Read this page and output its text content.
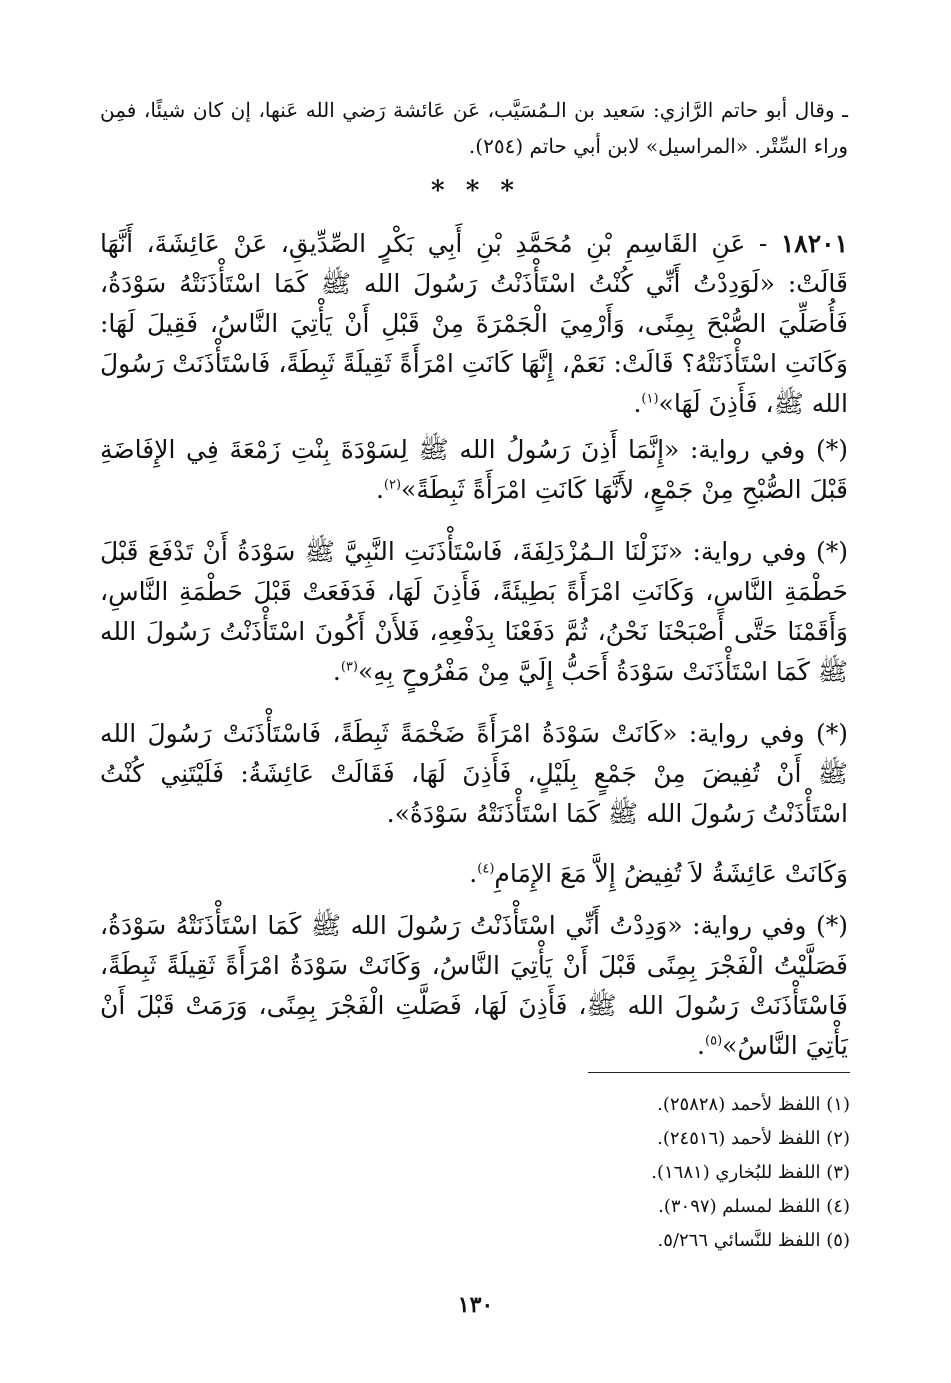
ـ وقال أبو حاتم الرَّازي: سَعيد بن الـمُسَيَّب، عَن عَائشة رَضي الله عَنها، إن كان شيئًا، فمِن وراء السِّتْر. «المراسيل» لابن أبي حاتم (٢٥٤).

* * *

١٨٢٠١ - عَنِ القَاسِمِ بْنِ مُحَمَّدِ بْنِ أَبِي بَكْرٍ الصِّدِّيقِ، عَنْ عَائِشَةَ، أَنَّهَا قَالَتْ: «لَوَدِدْتُ أَنِّي كُنْتُ اسْتَأْذَنْتُ رَسُولَ الله ﷺ كَمَا اسْتَأْذَنَتْهُ سَوْدَةُ، فَأُصَلِّيَ الصُّبْحَ بِمِنًى، وَأَرْمِيَ الْجَمْرَةَ مِنْ قَبْلِ أَنْ يَأْتِيَ النَّاسُ، فَقِيلَ لَهَا: وَكَانَتِ اسْتَأْذَنَتْهُ؟ قَالَتْ: نَعَمْ، إِنَّهَا كَانَتِ امْرَأَةً ثَقِيلَةً ثَبِطَةً، فَاسْتَأْذَنَتْ رَسُولَ الله ﷺ، فَأَذِنَ لَهَا»$^{(١)}$.

(*) وفي رواية: «إِنَّمَا أَذِنَ رَسُولُ الله ﷺ لِسَوْدَةَ بِنْتِ زَمْعَةَ فِي الإِفَاضَةِ قَبْلَ الصُّبْحِ مِنْ جَمْعٍ، لأَنَّهَا كَانَتِ امْرَأَةً ثَبِطَةً»$^{(٢)}$.

(*) وفي رواية: «نَزَلْنَا الـمُزْدَلِفَةَ، فَاسْتَأْذَنَتِ النَّبِيَّ ﷺ سَوْدَةُ أَنْ تَدْفَعَ قَبْلَ حَطْمَةِ النَّاسِ، وَكَانَتِ امْرَأَةً بَطِيئَةً، فَأَذِنَ لَهَا، فَدَفَعَتْ قَبْلَ حَطْمَةِ النَّاسِ، وَأَقَمْنَا حَتَّى أَصْبَحْنَا نَحْنُ، ثُمَّ دَفَعْنَا بِدَفْعِهِ، فَلأَنْ أَكُونَ اسْتَأْذَنْتُ رَسُولَ الله ﷺ كَمَا اسْتَأْذَنَتْ سَوْدَةُ أَحَبُّ إِلَيَّ مِنْ مَفْرُوحٍ بِهِ»$^{(٣)}$.

(*) وفي رواية: «كَانَتْ سَوْدَةُ امْرَأَةً ضَخْمَةً ثَبِطَةً، فَاسْتَأْذَنَتْ رَسُولَ الله ﷺ أَنْ تُفِيضَ مِنْ جَمْعٍ بِلَيْلٍ، فَأَذِنَ لَهَا، فَقَالَتْ عَائِشَةُ: فَلَيْتَنِي كُنْتُ اسْتَأْذَنْتُ رَسُولَ الله ﷺ كَمَا اسْتَأْذَنَتْهُ سَوْدَةُ».

وَكَانَتْ عَائِشَةُ لاَ تُفِيضُ إِلاَّ مَعَ الإِمَامِ$^{(٤)}$.

(*) وفي رواية: «وَدِدْتُ أَنِّي اسْتَأْذَنْتُ رَسُولَ الله ﷺ كَمَا اسْتَأْذَنَتْهُ سَوْدَةُ، فَصَلَّيْتُ الْفَجْرَ بِمِنًى قَبْلَ أَنْ يَأْتِيَ النَّاسُ، وَكَانَتْ سَوْدَةُ امْرَأَةً ثَقِيلَةً ثَبِطَةً، فَاسْتَأْذَنَتْ رَسُولَ الله ﷺ، فَأَذِنَ لَهَا، فَصَلَّتِ الْفَجْرَ بِمِنًى، وَرَمَتْ قَبْلَ أَنْ يَأْتِيَ النَّاسُ»$^{(٥)}$.

(١) اللفظ لأحمد (٢٥٨٢٨).
(٢) اللفظ لأحمد (٢٤٥١٦).
(٣) اللفظ للبُخاري (١٦٨١).
(٤) اللفظ لمسلم (٣٠٩٧).
(٥) اللفظ للنَّسائي ٥/٢٦٦.
١٣٠
